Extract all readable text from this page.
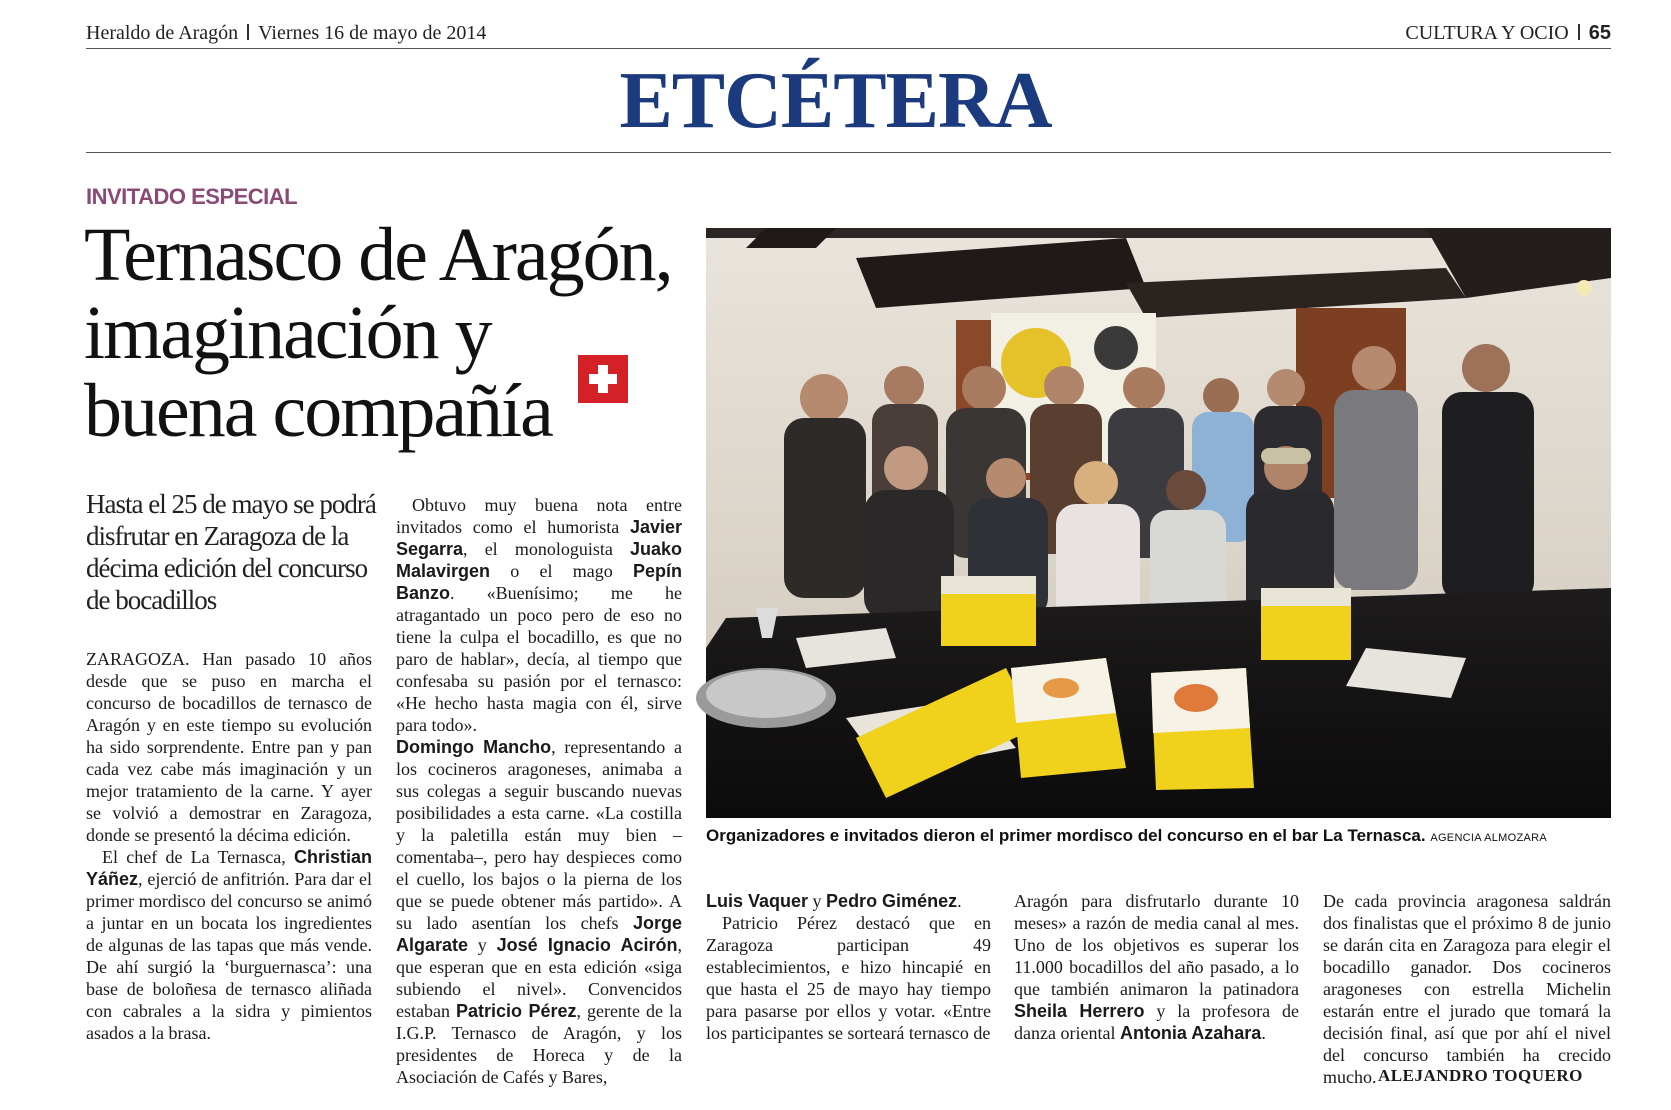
Heraldo de Aragón Viernes 16 de mayo de 2014	CULTURA Y OCIO 65
ETCÉTERA
INVITADO ESPECIAL
Ternasco de Aragón,
imaginación y
buena compañía
Hasta el 25 de mayo se podrá disfrutar en Zaragoza de la décima edición del concurso de bocadillos
Organizadores e invitados dieron el primer mordisco del concurso en el bar La Ternasca. AGENCIA ALMOZARA

ZARAGOZA. Han pasado 10 años desde que se puso en marcha el concurso de bocadillos de ternasco de Aragón y en este tiempo su evolución ha sido sorprendente. Entre pan y pan cada vez cabe más imaginación y un mejor tratamiento de la carne. Y ayer se volvió a demostrar en Zaragoza, donde se presentó la décima edición.

El chef de La Ternasca, Christian Yáñez, ejerció de anfitrión. Para dar el primer mordisco del concurso se animó a juntar en un bocata los ingredientes de algunas de las tapas que más vende. De ahí surgió la ‘burguernasca’: una base de boloñesa de ternasco aliñada con cabrales a la sidra y pimientos asados a la brasa.

Obtuvo muy buena nota entre invitados como el humorista Javier Segarra, el monologuista Juako Malavirgen o el mago Pepín Banzo. «Buenísimo; me he atragantado un poco pero de eso no tiene la culpa el bocadillo, es que no paro de hablar», decía, al tiempo que confesaba su pasión por el ternasco: «He hecho hasta magia con él, sirve para todo».

Domingo Mancho, representando a los cocineros aragoneses, animaba a sus colegas a seguir buscando nuevas posibilidades a esta carne. «La costilla y la paletilla están muy bien –comentaba–, pero hay despieces como el cuello, los bajos o la pierna de los que se puede obtener más partido». A su lado asentían los chefs Jorge Algarate y José Ignacio Acirón, que esperan que en esta edición «siga subiendo el nivel». Convencidos estaban Patricio Pérez, gerente de la I.G.P. Ternasco de Aragón, y los presidentes de Horeca y de la Asociación de Cafés y Bares,

Luis Vaquer y Pedro Giménez.

Patricio Pérez destacó que en Zaragoza participan 49 establecimientos, e hizo hincapié en que hasta el 25 de mayo hay tiempo para pasarse por ellos y votar. «Entre los participantes se sorteará ternasco de

Aragón para disfrutarlo durante 10 meses» a razón de media canal al mes. Uno de los objetivos es superar los 11.000 bocadillos del año pasado, a lo que también animaron la patinadora Sheila Herrero y la profesora de danza oriental Antonia Azahara.

De cada provincia aragonesa saldrán dos finalistas que el próximo 8 de junio se darán cita en Zaragoza para elegir el bocadillo ganador. Dos cocineros aragoneses con estrella Michelin estarán entre el jurado que tomará la decisión final, así que por ahí el nivel del concurso también ha crecido mucho. ALEJANDRO TOQUERO
